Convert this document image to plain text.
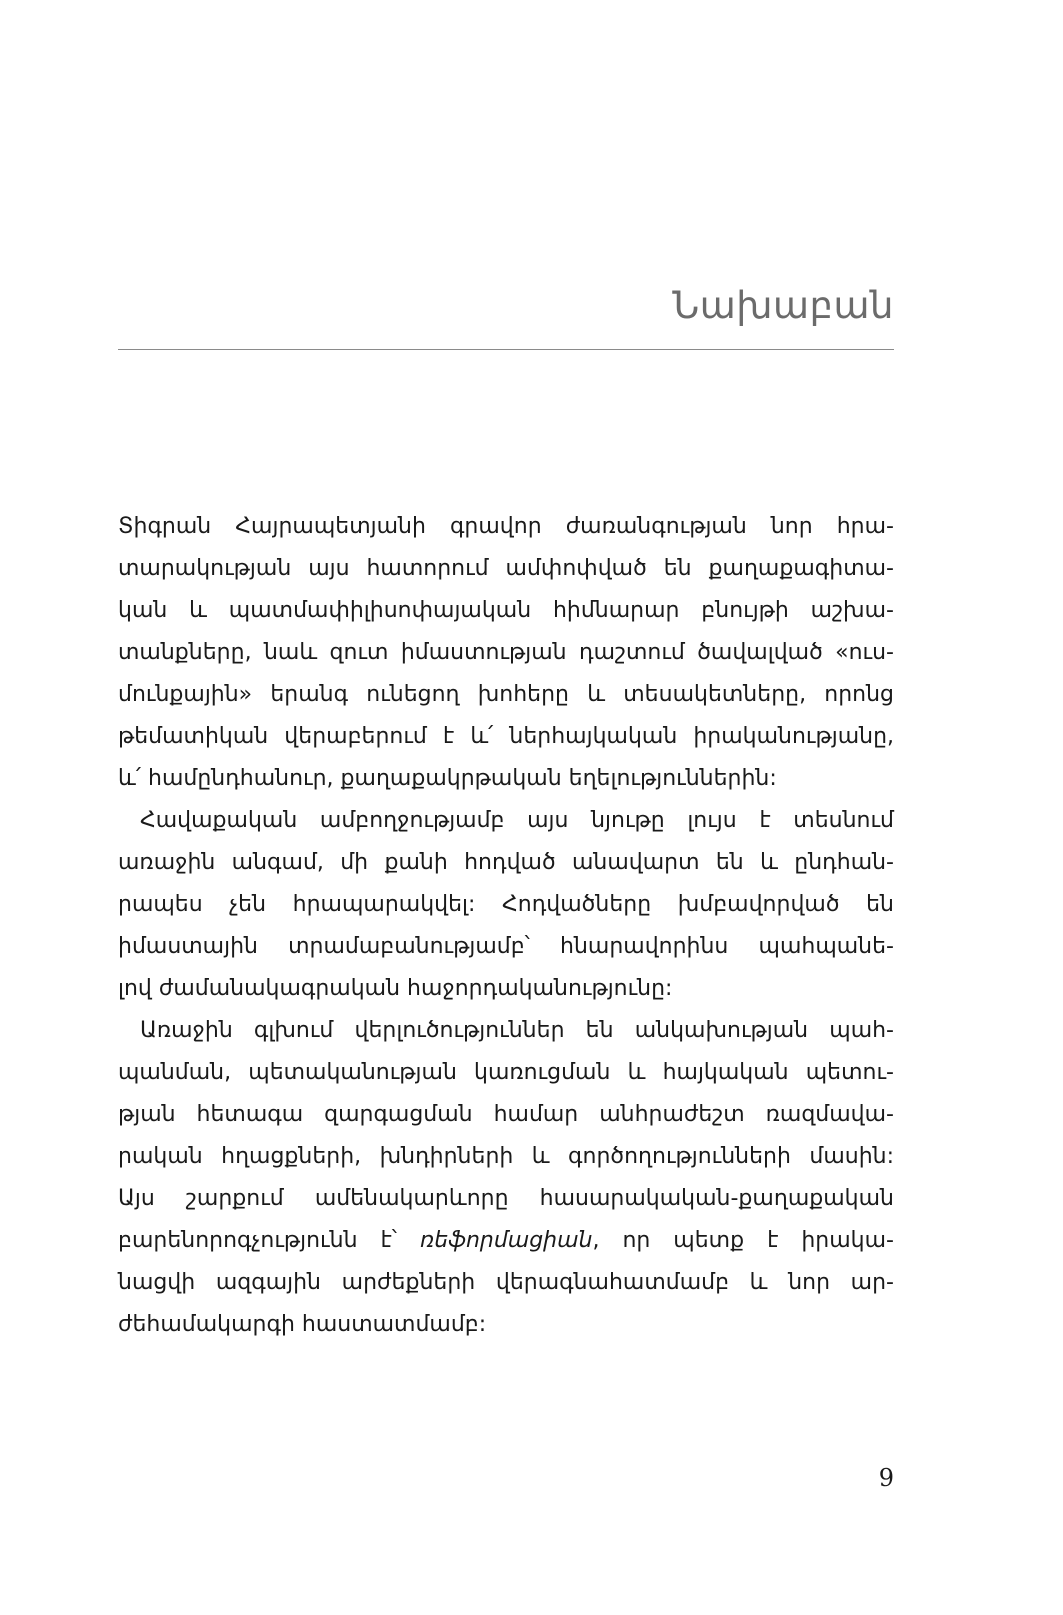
Նախաբան
Տիգրան Հայրապետյանի գրավոր ժառանգության նոր հրա-
տարակության այս հատորում ամփոփված են քաղաքագիտա-
կան և պատմափիլիսոփայական հիմնարար բնույթի աշխա-
տանքները, նաև զուտ իմաստության դաշտում ծավալված «ուս-
մունքային» երանգ ունեցող խոհերը և տեսակետները, որոնց
թեմատիկան վերաբերում է և՛ ներհայկական իրականությանը,
և՛ համընդհանուր, քաղաքակրթական եղելություններին:
Հավաքական ամբողջությամբ այս նյութը լույս է տեսնում
առաջին անգամ, մի քանի հոդված անավարտ են և ընդհան-
րապես չեն հրապարակվել: Հոդվածները խմբավորված են
իմաստային տրամաբանությամբ՝ հնարավորինս պահպանե-
լով ժամանակագրական հաջորդականությունը:
Առաջին գլխում վերլուծություններ են անկախության պահ-
պանման, պետականության կառուցման և հայկական պետու-
թյան հետագա զարգացման համար անհրաժեշտ ռազմավա-
րական հղացքների, խնդիրների և գործողությունների մասին:
Այս շարքում ամենակարևորը հասարակական-քաղաքական
բարենորոգչությունն է՝ ռեֆորմացիան, որ պետք է իրակա-
նացվի ազգային արժեքների վերագնահատմամբ և նոր ար-
ժեհամակարգի հաստատմամբ:
9
